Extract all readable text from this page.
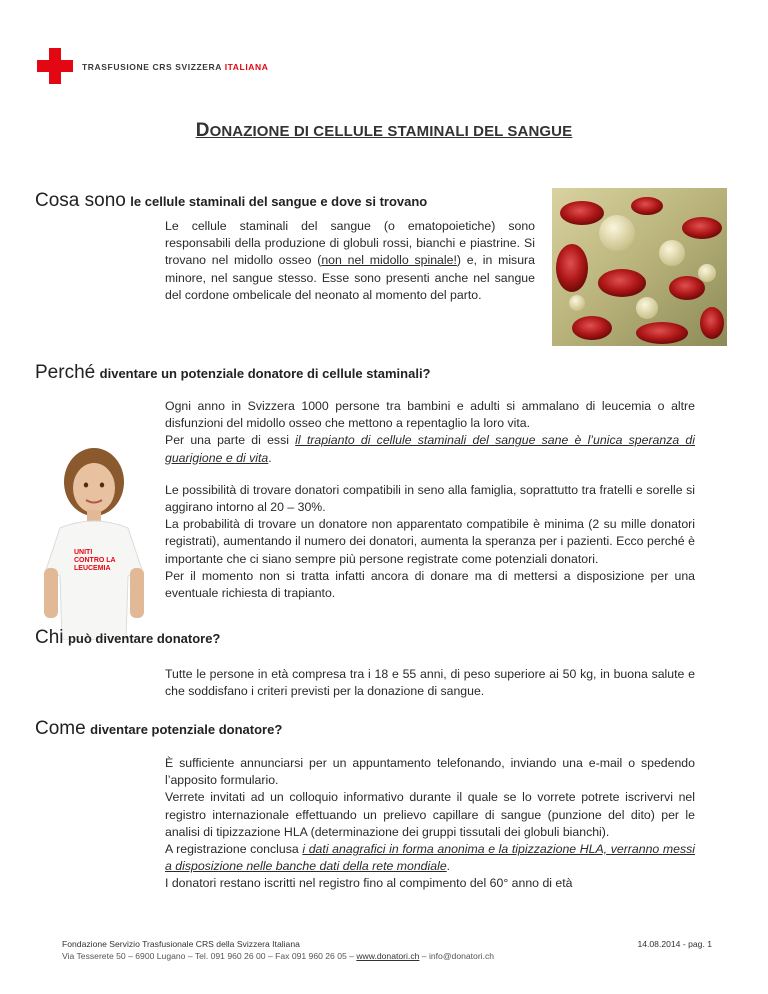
TRASFUSIONE CRS SVIZZERA ITALIANA
DONAZIONE DI CELLULE STAMINALI DEL SANGUE
Cosa sono le cellule staminali del sangue e dove si trovano

Le cellule staminali del sangue (o ematopoietiche) sono responsabili della produzione di globuli rossi, bianchi e piastrine. Si trovano nel midollo osseo (non nel midollo spinale!) e, in misura minore, nel sangue stesso. Esse sono presenti anche nel sangue del cordone ombelicale del neonato al momento del parto.

Perché diventare un potenziale donatore di cellule staminali?

Ogni anno in Svizzera 1000 persone tra bambini e adulti si ammalano di leucemia o altre disfunzioni del midollo osseo che mettono a repentaglio la loro vita.

Per una parte di essi il trapianto di cellule staminali del sangue sane è l’unica speranza di guarigione e di vita.

Le possibilità di trovare donatori compatibili in seno alla famiglia, soprattutto tra fratelli e sorelle si aggirano intorno al 20 – 30%.

La probabilità di trovare un donatore non apparentato compatibile è minima (2 su mille donatori registrati), aumentando il numero dei donatori, aumenta la speranza per i pazienti. Ecco perché è importante che ci siano sempre più persone registrate come potenziali donatori.

Per il momento non si tratta infatti ancora di donare ma di mettersi a disposizione per una eventuale richiesta di trapianto.

UNITI
CONTRO LA
LEUCEMIA
Chi può diventare donatore?

Tutte le persone in età compresa tra i 18 e 55 anni, di peso superiore ai 50 kg, in buona salute e che soddisfano i criteri previsti per la donazione di sangue.

Come diventare potenziale donatore?

È sufficiente annunciarsi per un appuntamento telefonando, inviando una e-mail o spedendo l’apposito formulario.

Verrete invitati ad un colloquio informativo durante il quale se lo vorrete potrete iscrivervi nel registro internazionale effettuando un prelievo capillare di sangue (punzione del dito) per le analisi di tipizzazione HLA (determinazione dei gruppi tissutali dei globuli bianchi).

A registrazione conclusa i dati anagrafici in forma anonima e la tipizzazione HLA, verranno messi a disposizione nelle banche dati della rete mondiale.

I donatori restano iscritti nel registro fino al compimento del 60° anno di età

Fondazione Servizio Trasfusionale CRS della Svizzera Italiana	14.08.2014 - pag. 1
Via Tesserete 50 – 6900 Lugano – Tel. 091 960 26 00 – Fax 091 960 26 05 – www.donatori.ch – info@donatori.ch
